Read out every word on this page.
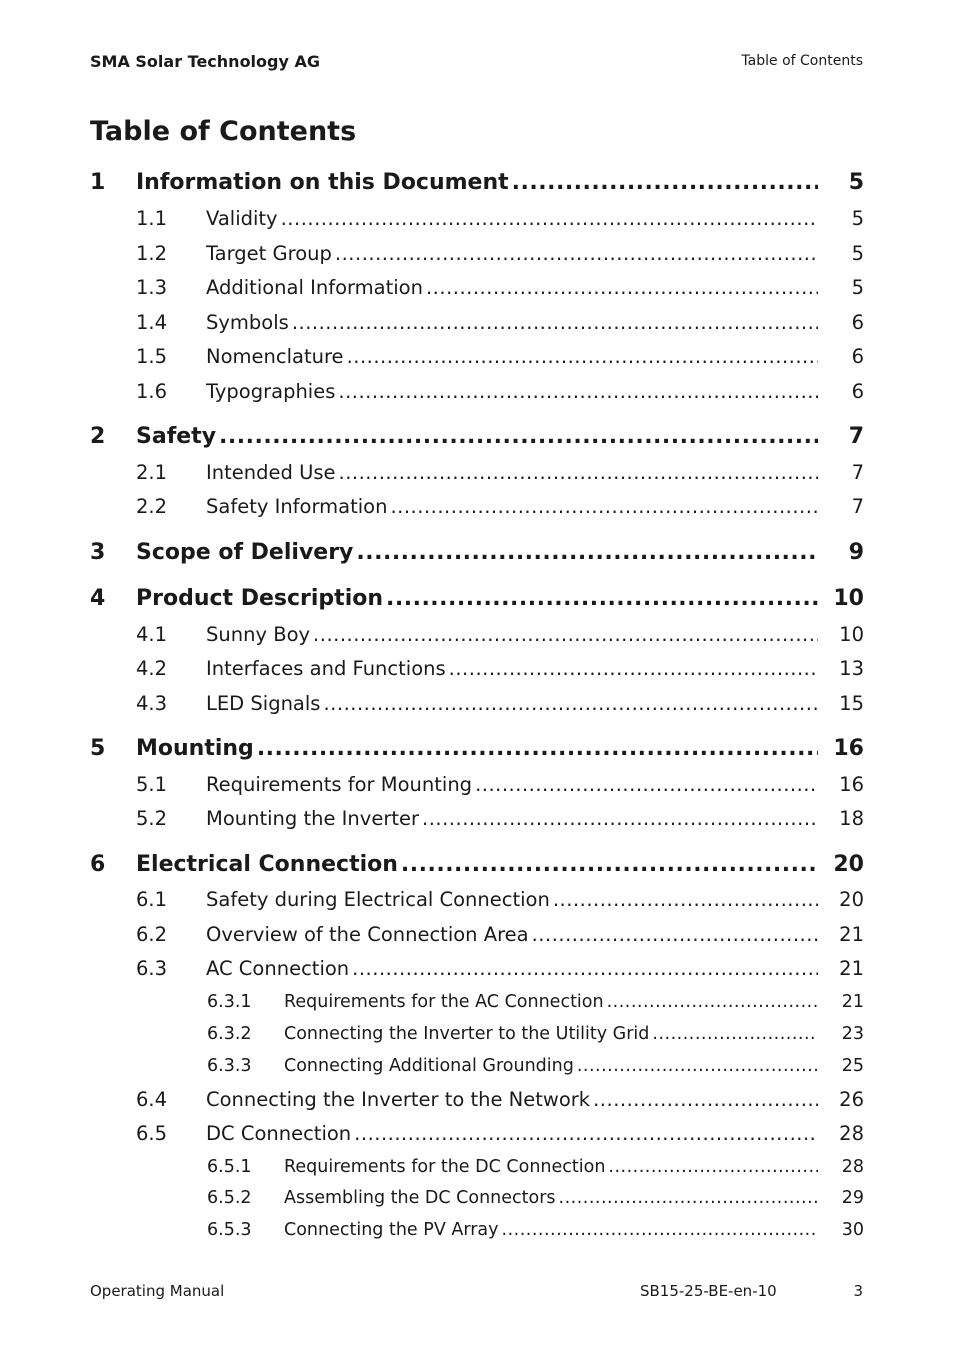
SMA Solar Technology AG	Table of Contents
Table of Contents
1	Information on this Document .....	5
1.1	Validity .....	5
1.2	Target Group .....	5
1.3	Additional Information .....	5
1.4	Symbols .....	6
1.5	Nomenclature .....	6
1.6	Typographies .....	6
2	Safety .....	7
2.1	Intended Use .....	7
2.2	Safety Information .....	7
3	Scope of Delivery .....	9
4	Product Description .....	10
4.1	Sunny Boy .....	10
4.2	Interfaces and Functions .....	13
4.3	LED Signals .....	15
5	Mounting .....	16
5.1	Requirements for Mounting .....	16
5.2	Mounting the Inverter .....	18
6	Electrical Connection .....	20
6.1	Safety during Electrical Connection .....	20
6.2	Overview of the Connection Area .....	21
6.3	AC Connection .....	21
6.3.1	Requirements for the AC Connection .....	21
6.3.2	Connecting the Inverter to the Utility Grid .....	23
6.3.3	Connecting Additional Grounding .....	25
6.4	Connecting the Inverter to the Network .....	26
6.5	DC Connection .....	28
6.5.1	Requirements for the DC Connection .....	28
6.5.2	Assembling the DC Connectors .....	29
6.5.3	Connecting the PV Array .....	30
Operating Manual	SB15-25-BE-en-10	3
